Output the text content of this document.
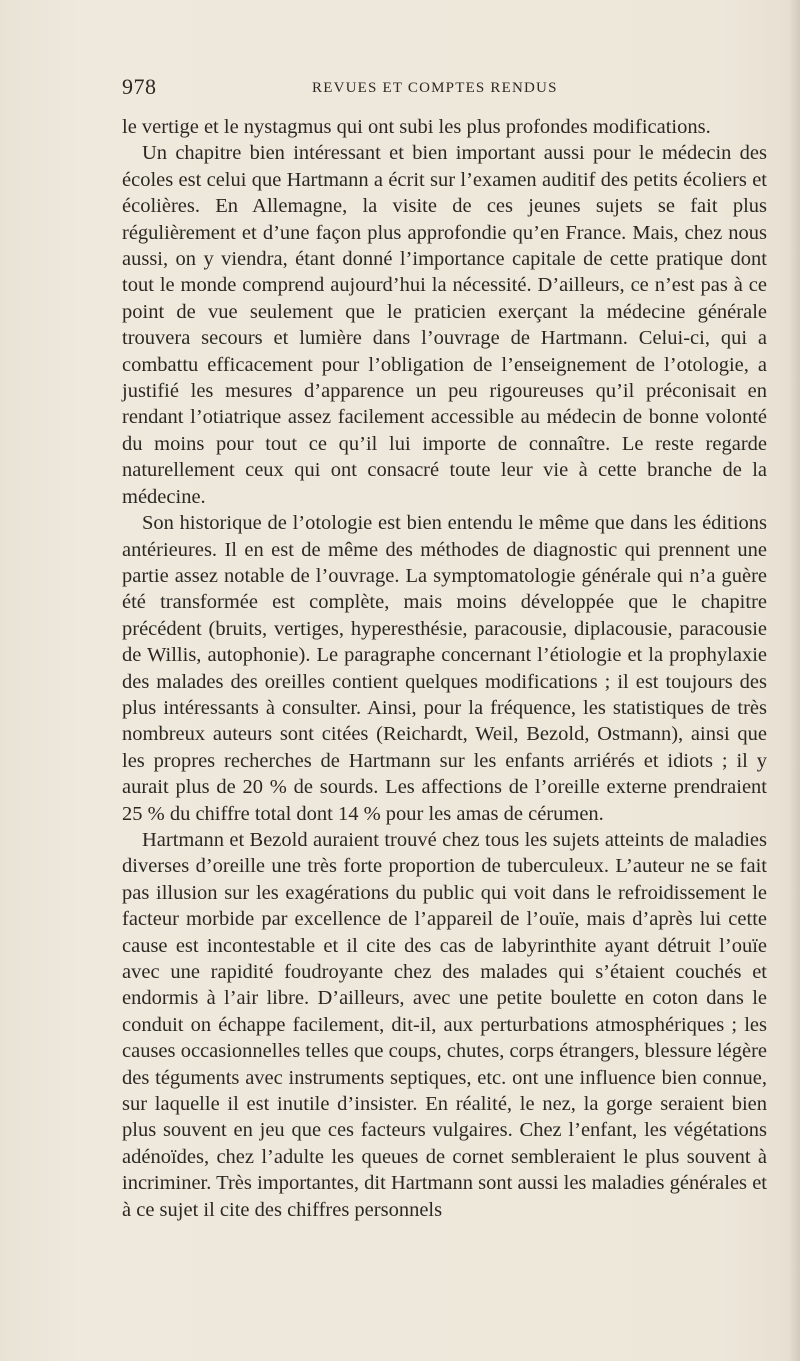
978	REVUES ET COMPTES RENDUS

le vertige et le nystagmus qui ont subi les plus profondes modifications.

Un chapitre bien intéressant et bien important aussi pour le médecin des écoles est celui que Hartmann a écrit sur l’examen auditif des petits écoliers et écolières. En Allemagne, la visite de ces jeunes sujets se fait plus régulièrement et d’une façon plus approfondie qu’en France. Mais, chez nous aussi, on y viendra, étant donné l’importance capitale de cette pratique dont tout le monde comprend aujourd’hui la nécessité. D’ailleurs, ce n’est pas à ce point de vue seulement que le praticien exerçant la médecine générale trouvera secours et lumière dans l’ouvrage de Hartmann. Celui-ci, qui a combattu efficacement pour l’obligation de l’enseignement de l’otologie, a justifié les mesures d’apparence un peu rigoureuses qu’il préconisait en rendant l’otiatrique assez facilement accessible au médecin de bonne volonté du moins pour tout ce qu’il lui importe de connaître. Le reste regarde naturellement ceux qui ont consacré toute leur vie à cette branche de la médecine.

Son historique de l’otologie est bien entendu le même que dans les éditions antérieures. Il en est de même des méthodes de diagnostic qui prennent une partie assez notable de l’ouvrage. La symptomatologie générale qui n’a guère été transformée est complète, mais moins développée que le chapitre précédent (bruits, vertiges, hyperesthésie, paracousie, diplacousie, paracousie de Willis, autophonie). Le paragraphe concernant l’étiologie et la prophylaxie des malades des oreilles contient quelques modifications ; il est toujours des plus intéressants à consulter. Ainsi, pour la fréquence, les statistiques de très nombreux auteurs sont citées (Reichardt, Weil, Bezold, Ostmann), ainsi que les propres recherches de Hartmann sur les enfants arriérés et idiots ; il y aurait plus de 20 % de sourds. Les affections de l’oreille externe prendraient 25 % du chiffre total dont 14 % pour les amas de cérumen.

Hartmann et Bezold auraient trouvé chez tous les sujets atteints de maladies diverses d’oreille une très forte proportion de tuberculeux. L’auteur ne se fait pas illusion sur les exagérations du public qui voit dans le refroidissement le facteur morbide par excellence de l’appareil de l’ouïe, mais d’après lui cette cause est incontestable et il cite des cas de labyrinthite ayant détruit l’ouïe avec une rapidité foudroyante chez des malades qui s’étaient couchés et endormis à l’air libre. D’ailleurs, avec une petite boulette en coton dans le conduit on échappe facilement, dit-il, aux perturbations atmosphériques ; les causes occasionnelles telles que coups, chutes, corps étrangers, blessure légère des téguments avec instruments septiques, etc. ont une influence bien connue, sur laquelle il est inutile d’insister. En réalité, le nez, la gorge seraient bien plus souvent en jeu que ces facteurs vulgaires. Chez l’enfant, les végétations adénoïdes, chez l’adulte les queues de cornet sembleraient le plus souvent à incriminer. Très importantes, dit Hartmann sont aussi les maladies générales et à ce sujet il cite des chiffres personnels
